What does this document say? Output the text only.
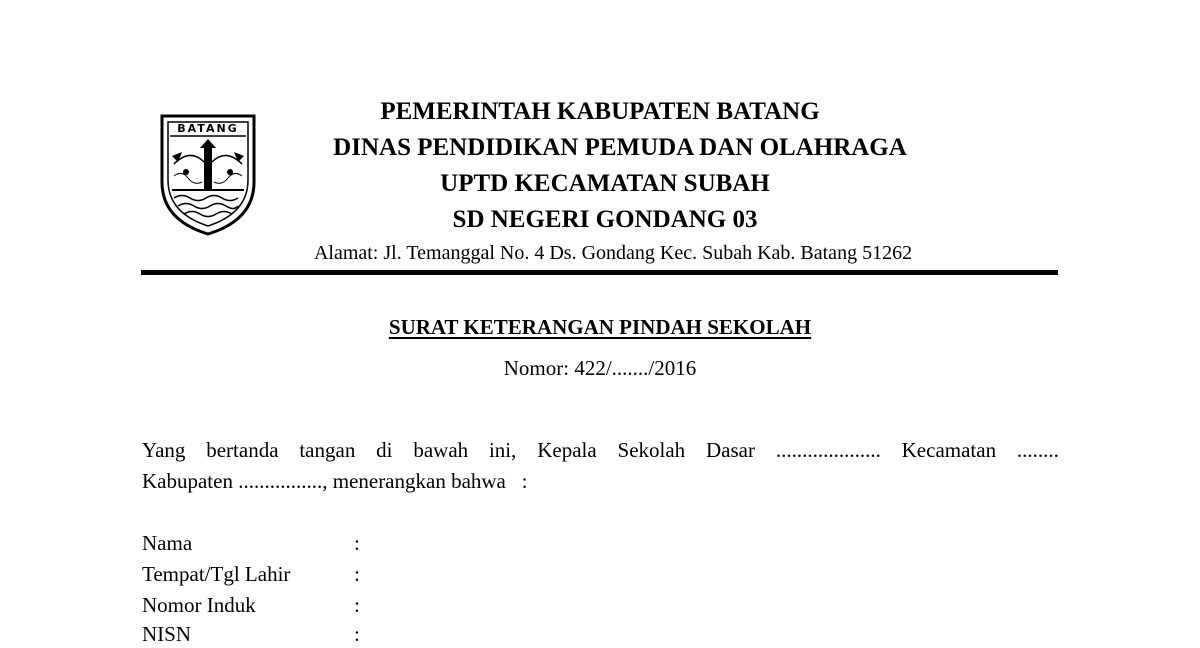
BATANG
PEMERINTAH KABUPATEN BATANG
DINAS PENDIDIKAN PEMUDA DAN OLAHRAGA
UPTD KECAMATAN SUBAH
SD NEGERI GONDANG 03
Alamat: Jl. Temanggal No. 4 Ds. Gondang Kec. Subah Kab. Batang 51262
SURAT KETERANGAN PINDAH SEKOLAH
Nomor: 422/......./2016
Yang bertanda tangan di bawah ini, Kepala Sekolah Dasar .................... Kecamatan ........
Kabupaten ................, menerangkan bahwa   :
Nama	:
Tempat/Tgl Lahir	:
Nomor Induk	:
NISN	:
